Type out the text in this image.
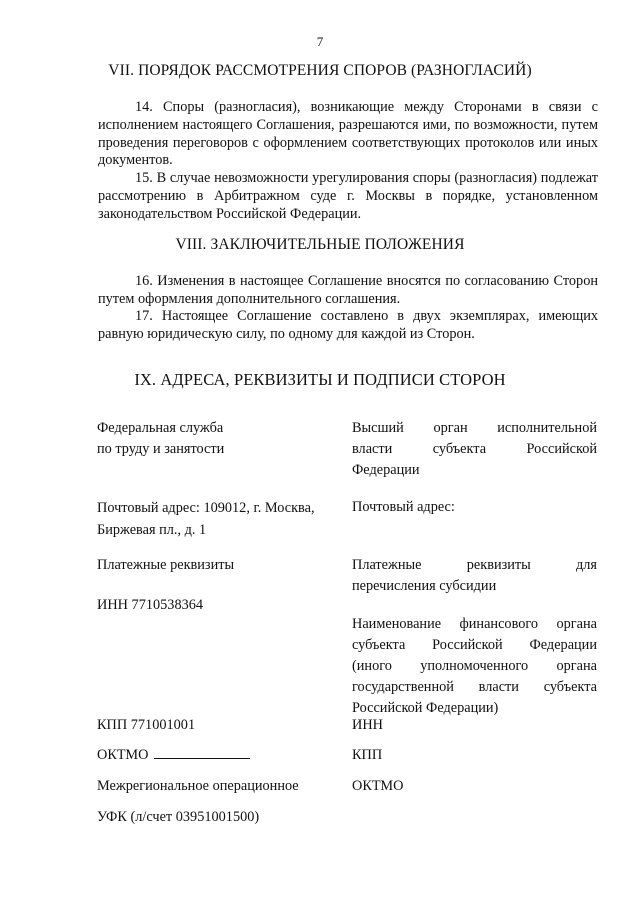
7
VII. ПОРЯДОК РАССМОТРЕНИЯ СПОРОВ (РАЗНОГЛАСИЙ)
14. Споры (разногласия), возникающие между Сторонами в связи с исполнением настоящего Соглашения, разрешаются ими, по возможности, путем проведения переговоров с оформлением соответствующих протоколов или иных документов.
15. В случае невозможности урегулирования споры (разногласия) подлежат рассмотрению в Арбитражном суде г. Москвы в порядке, установленном законодательством Российской Федерации.
VIII. ЗАКЛЮЧИТЕЛЬНЫЕ ПОЛОЖЕНИЯ
16. Изменения в настоящее Соглашение вносятся по согласованию Сторон путем оформления дополнительного соглашения.
17. Настоящее Соглашение составлено в двух экземплярах, имеющих равную юридическую силу, по одному для каждой из Сторон.
IX. АДРЕСА, РЕКВИЗИТЫ И ПОДПИСИ СТОРОН
Федеральная служба
по труду и занятости
Почтовый адрес: 109012, г. Москва,
Биржевая пл., д. 1
Платежные реквизиты
ИНН 7710538364
КПП 771001001
ОКТМО
Межрегиональное операционное
УФК (л/счет 03951001500)
Высший орган исполнительной
власти субъекта Российской
Федерации
Почтовый адрес:
Платежные реквизиты для
перечисления субсидии
Наименование финансового органа
субъекта Российской Федерации
(иного уполномоченного органа
государственной власти субъекта
Российской Федерации)
ИНН
КПП
ОКТМО
